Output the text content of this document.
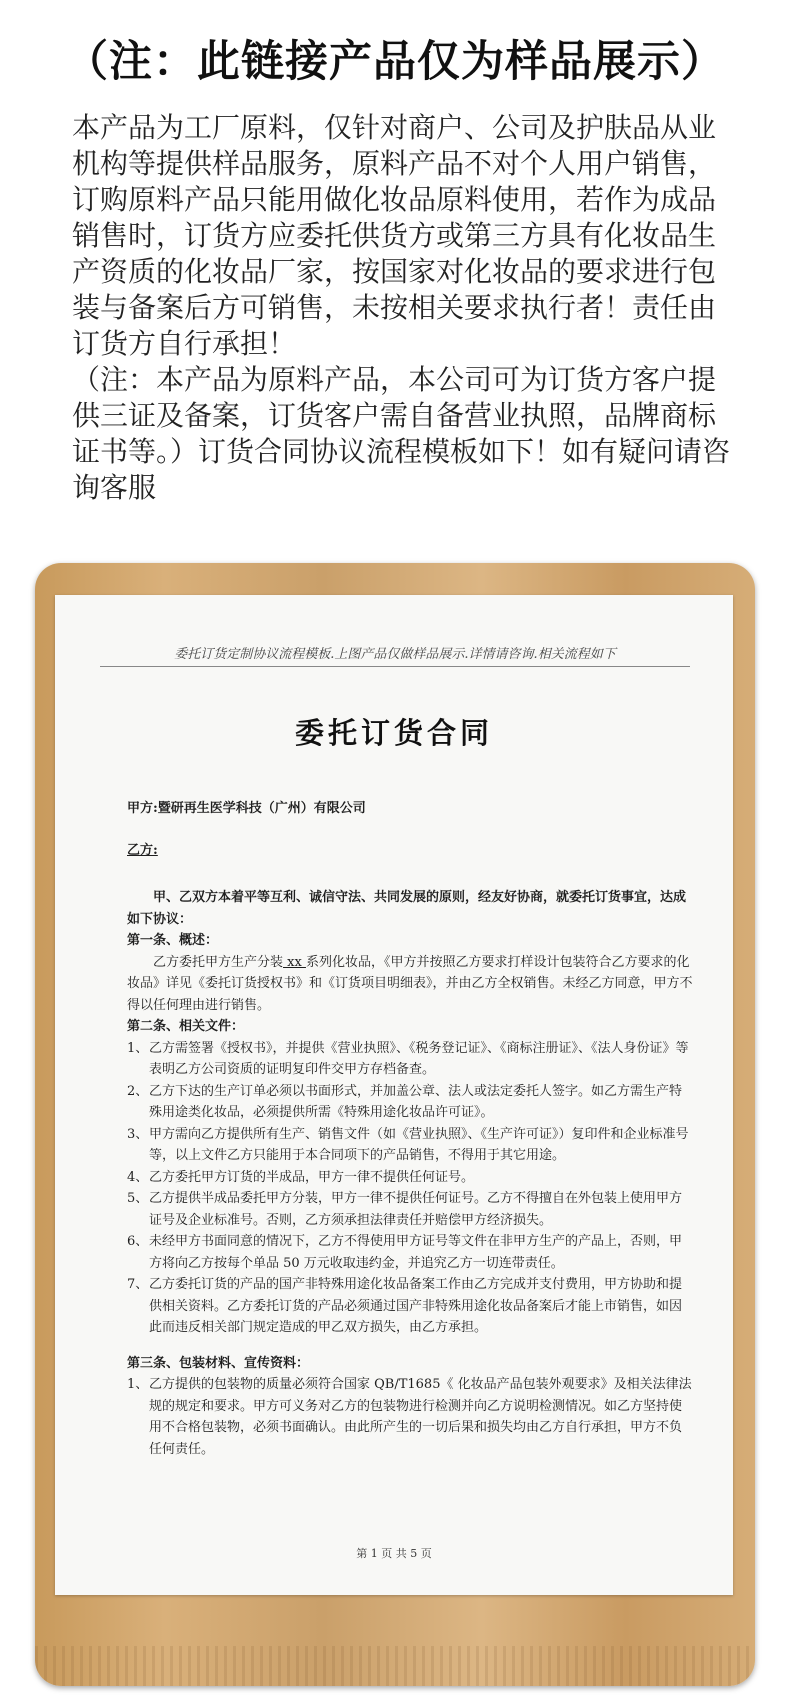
（注：此链接产品仅为样品展示）

本产品为工厂原料，仅针对商户、公司及护肤品从业机构等提供样品服务，原料产品不对个人用户销售，订购原料产品只能用做化妆品原料使用，若作为成品销售时，订货方应委托供货方或第三方具有化妆品生产资质的化妆品厂家，按国家对化妆品的要求进行包装与备案后方可销售，未按相关要求执行者！责任由订货方自行承担！

（注：本产品为原料产品，本公司可为订货方客户提供三证及备案，订货客户需自备营业执照，品牌商标证书等。）订货合同协议流程模板如下！如有疑问请咨询客服

委托订货定制协议流程模板.上图产品仅做样品展示.详情请咨询.相关流程如下
委托订货合同

甲方:暨研再生医学科技（广州）有限公司

乙方:

甲、乙双方本着平等互利、诚信守法、共同发展的原则，经友好协商，就委托订货事宜，达成如下协议：

第一条、概述：

乙方委托甲方生产分装 xx 系列化妆品，《甲方并按照乙方要求打样设计包装符合乙方要求的化妆品》详见《委托订货授权书》和《订货项目明细表》，并由乙方全权销售。未经乙方同意，甲方不得以任何理由进行销售。

第二条、相关文件：

1、 乙方需签署《授权书》，并提供《营业执照》、《税务登记证》、《商标注册证》、《法人身份证》等表明乙方公司资质的证明复印件交甲方存档备查。
2、 乙方下达的生产订单必须以书面形式，并加盖公章、法人或法定委托人签字。如乙方需生产特殊用途类化妆品，必须提供所需《特殊用途化妆品许可证》。
3、 甲方需向乙方提供所有生产、销售文件（如《营业执照》、《生产许可证》）复印件和企业标准号等，以上文件乙方只能用于本合同项下的产品销售，不得用于其它用途。
4、 乙方委托甲方订货的半成品，甲方一律不提供任何证号。
5、 乙方提供半成品委托甲方分装，甲方一律不提供任何证号。乙方不得擅自在外包装上使用甲方证号及企业标准号。否则，乙方须承担法律责任并赔偿甲方经济损失。
6、 未经甲方书面同意的情况下，乙方不得使用甲方证号等文件在非甲方生产的产品上，否则，甲方将向乙方按每个单品 50 万元收取违约金，并追究乙方一切连带责任。
7、 乙方委托订货的产品的国产非特殊用途化妆品备案工作由乙方完成并支付费用，甲方协助和提供相关资料。乙方委托订货的产品必须通过国产非特殊用途化妆品备案后才能上市销售，如因此而违反相关部门规定造成的甲乙双方损失，由乙方承担。

第三条、包装材料、宣传资料：

1、 乙方提供的包装物的质量必须符合国家 QB/T1685《 化妆品产品包装外观要求》及相关法律法规的规定和要求。甲方可义务对乙方的包装物进行检测并向乙方说明检测情况。如乙方坚持使用不合格包装物，必须书面确认。由此所产生的一切后果和损失均由乙方自行承担，甲方不负任何责任。
第 1 页 共 5 页
